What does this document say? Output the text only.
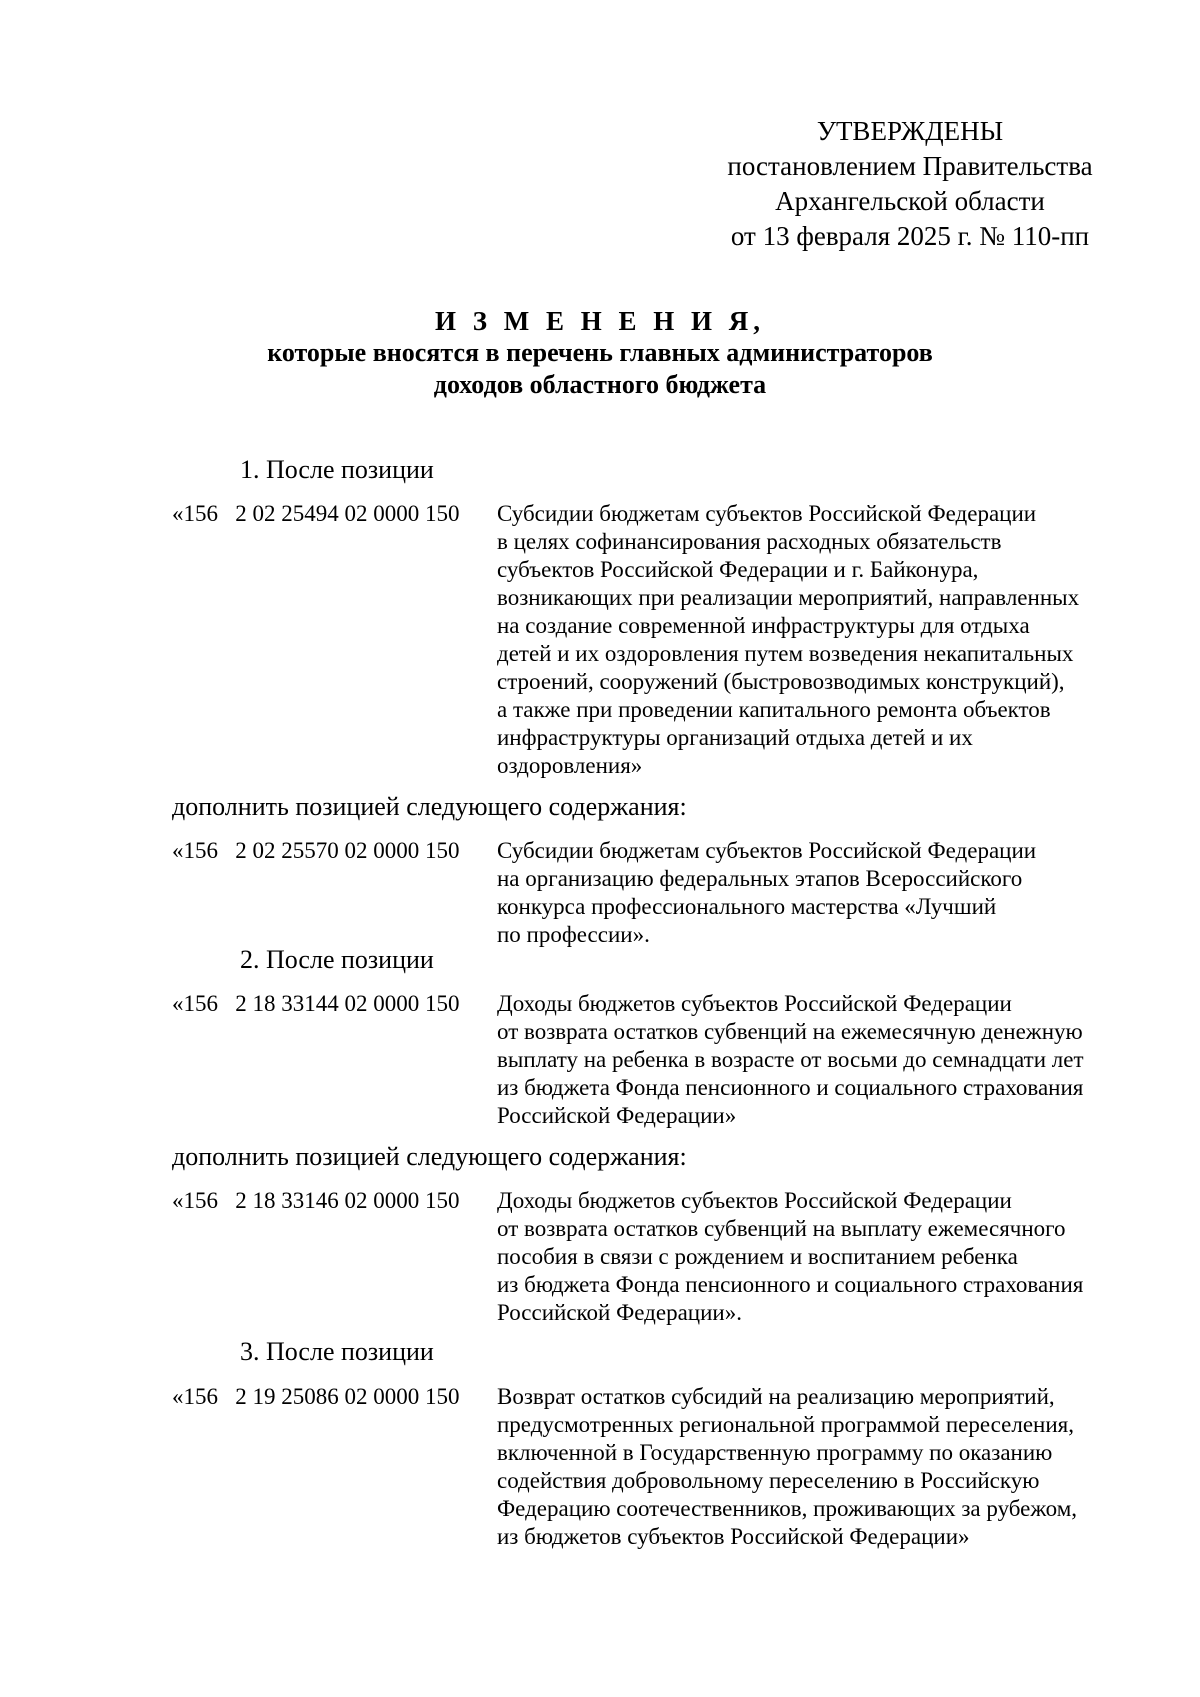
УТВЕРЖДЕНЫ
постановлением Правительства
Архангельской области
от 13 февраля 2025 г. № 110-пп
И З М Е Н Е Н И Я,
которые вносятся в перечень главных администраторов
доходов областного бюджета
1. После позиции
«156   2 02 25494 02 0000 150 Субсидии бюджетам субъектов Российской Федерации
в целях софинансирования расходных обязательств
субъектов Российской Федерации и г. Байконура,
возникающих при реализации мероприятий, направленных
на создание современной инфраструктуры для отдыха
детей и их оздоровления путем возведения некапитальных
строений, сооружений (быстровозводимых конструкций),
а также при проведении капитального ремонта объектов
инфраструктуры организаций отдыха детей и их
оздоровления»
дополнить позицией следующего содержания:
«156   2 02 25570 02 0000 150 Субсидии бюджетам субъектов Российской Федерации
на организацию федеральных этапов Всероссийского
конкурса профессионального мастерства «Лучший
по профессии».
2. После позиции
«156   2 18 33144 02 0000 150 Доходы бюджетов субъектов Российской Федерации
от возврата остатков субвенций на ежемесячную денежную
выплату на ребенка в возрасте от восьми до семнадцати лет
из бюджета Фонда пенсионного и социального страхования
Российской Федерации»
дополнить позицией следующего содержания:
«156   2 18 33146 02 0000 150 Доходы бюджетов субъектов Российской Федерации
от возврата остатков субвенций на выплату ежемесячного
пособия в связи с рождением и воспитанием ребенка
из бюджета Фонда пенсионного и социального страхования
Российской Федерации».
3. После позиции
«156   2 19 25086 02 0000 150 Возврат остатков субсидий на реализацию мероприятий,
предусмотренных региональной программой переселения,
включенной в Государственную программу по оказанию
содействия добровольному переселению в Российскую
Федерацию соотечественников, проживающих за рубежом,
из бюджетов субъектов Российской Федерации»
